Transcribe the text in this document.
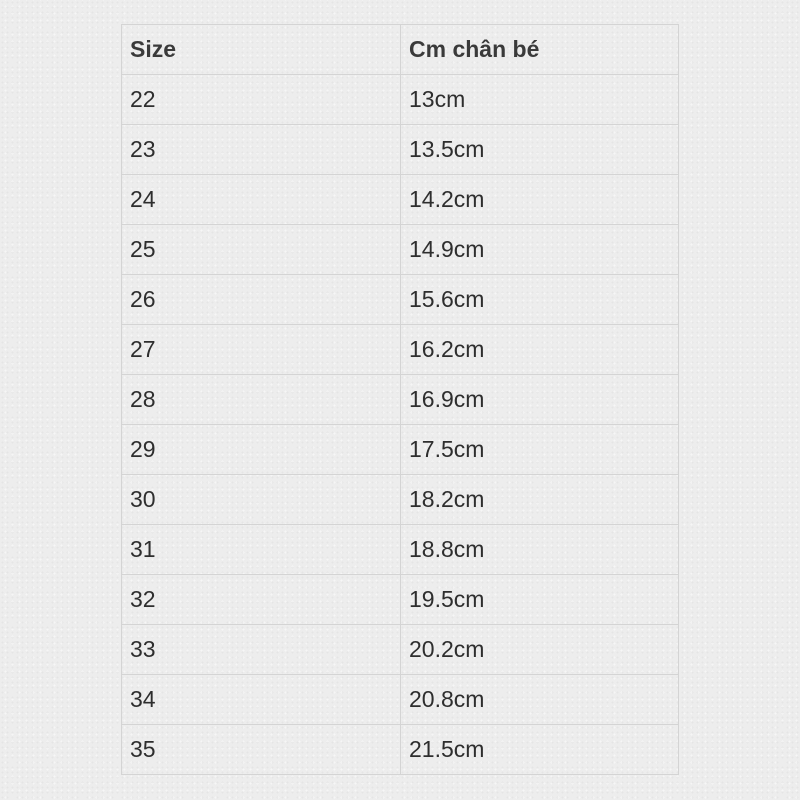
Size	Cm chân bé
22	13cm
23	13.5cm
24	14.2cm
25	14.9cm
26	15.6cm
27	16.2cm
28	16.9cm
29	17.5cm
30	18.2cm
31	18.8cm
32	19.5cm
33	20.2cm
34	20.8cm
35	21.5cm
